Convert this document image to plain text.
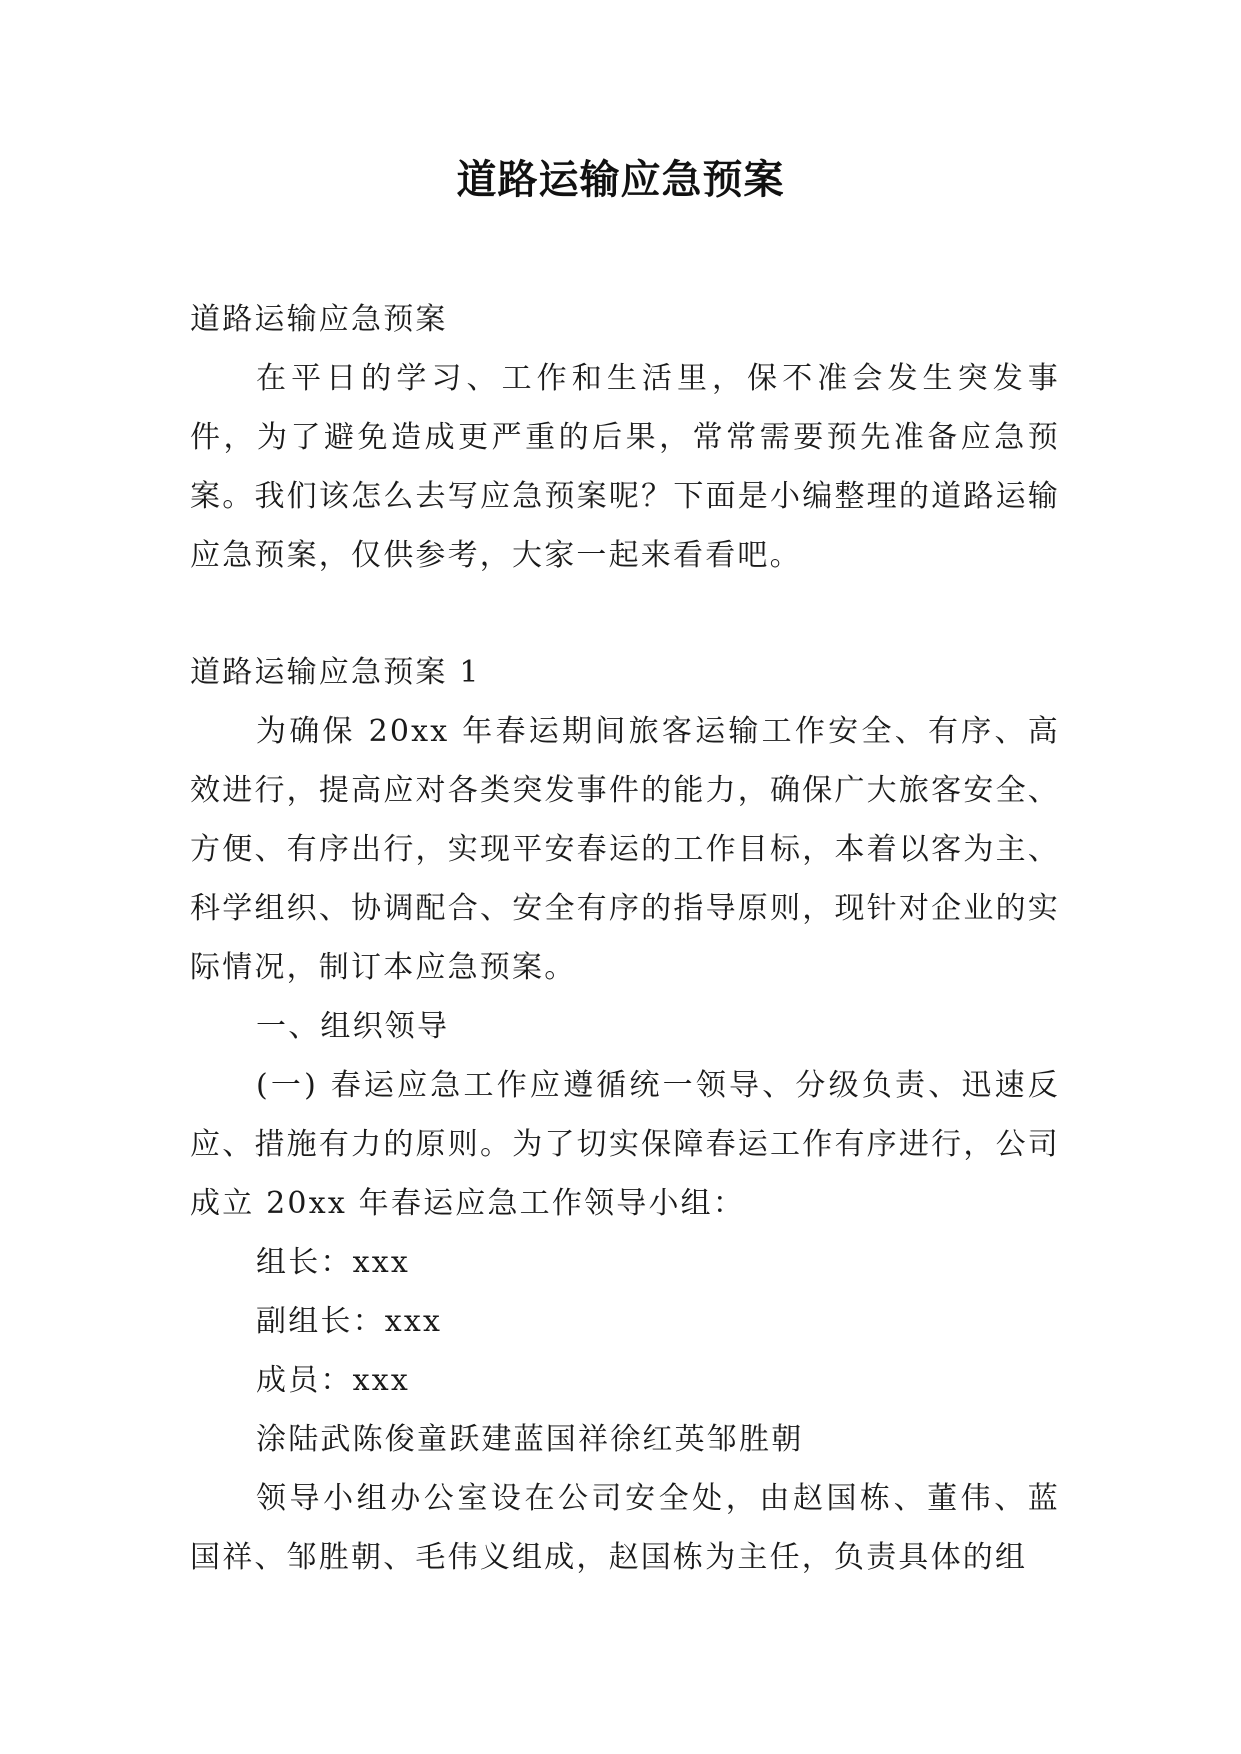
道路运输应急预案

道路运输应急预案

在平日的学习、工作和生活里，保不准会发生突发事件，为了避免造成更严重的后果，常常需要预先准备应急预案。我们该怎么去写应急预案呢？下面是小编整理的道路运输应急预案，仅供参考，大家一起来看看吧。

道路运输应急预案 1

为确保 20xx 年春运期间旅客运输工作安全、有序、高效进行，提高应对各类突发事件的能力，确保广大旅客安全、方便、有序出行，实现平安春运的工作目标，本着以客为主、科学组织、协调配合、安全有序的指导原则，现针对企业的实际情况，制订本应急预案。

一、组织领导

(一) 春运应急工作应遵循统一领导、分级负责、迅速反应、措施有力的原则。为了切实保障春运工作有序进行，公司成立 20xx 年春运应急工作领导小组：

组长：xxx

副组长：xxx

成员：xxx

涂陆武陈俊童跃建蓝国祥徐红英邹胜朝

领导小组办公室设在公司安全处，由赵国栋、董伟、蓝国祥、邹胜朝、毛伟义组成，赵国栋为主任，负责具体的组
